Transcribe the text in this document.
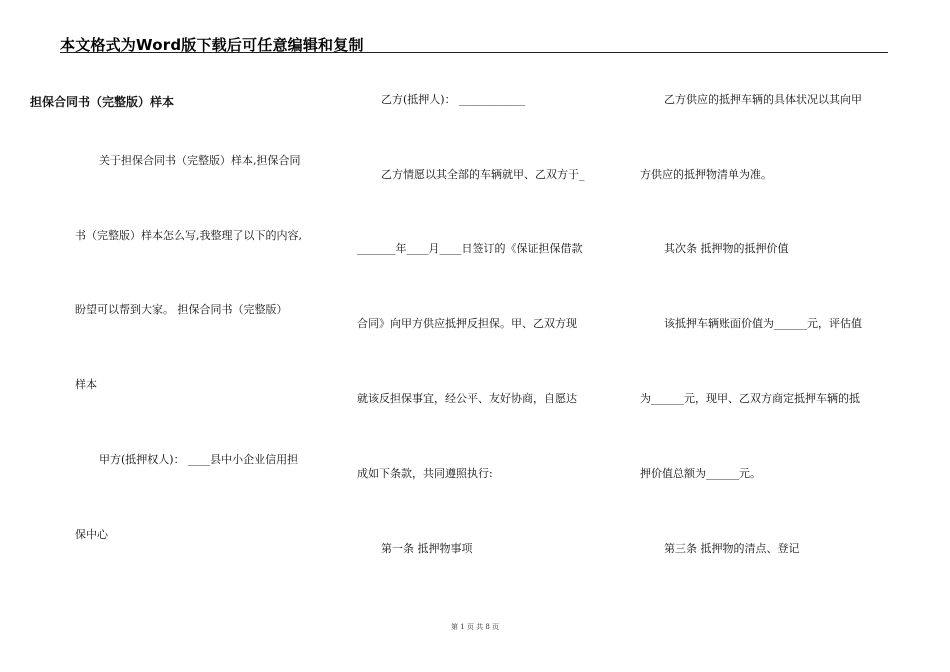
本文格式为Word版下载后可任意编辑和复制
担保合同书（完整版）样本
关于担保合同书（完整版）样本,担保合同
书（完整版）样本怎么写,我整理了以下的内容,
盼望可以帮到大家。 担保合同书（完整版）
样本
甲方(抵押权人)： ____县中小企业信用担
保中心
乙方(抵押人)： ____________
乙方情愿以其全部的车辆就甲、乙双方于_
_______年____月____日签订的《保证担保借款
合同》向甲方供应抵押反担保。甲、乙双方现
就该反担保事宜，经公平、友好协商，自愿达
成如下条款，共同遵照执行:
第一条 抵押物事项
乙方供应的抵押车辆的具体状况以其向甲
方供应的抵押物清单为准。
其次条 抵押物的抵押价值
该抵押车辆账面价值为______元，评估值
为______元，现甲、乙双方商定抵押车辆的抵
押价值总额为______元。
第三条 抵押物的清点、登记
第 1 页 共 8 页
